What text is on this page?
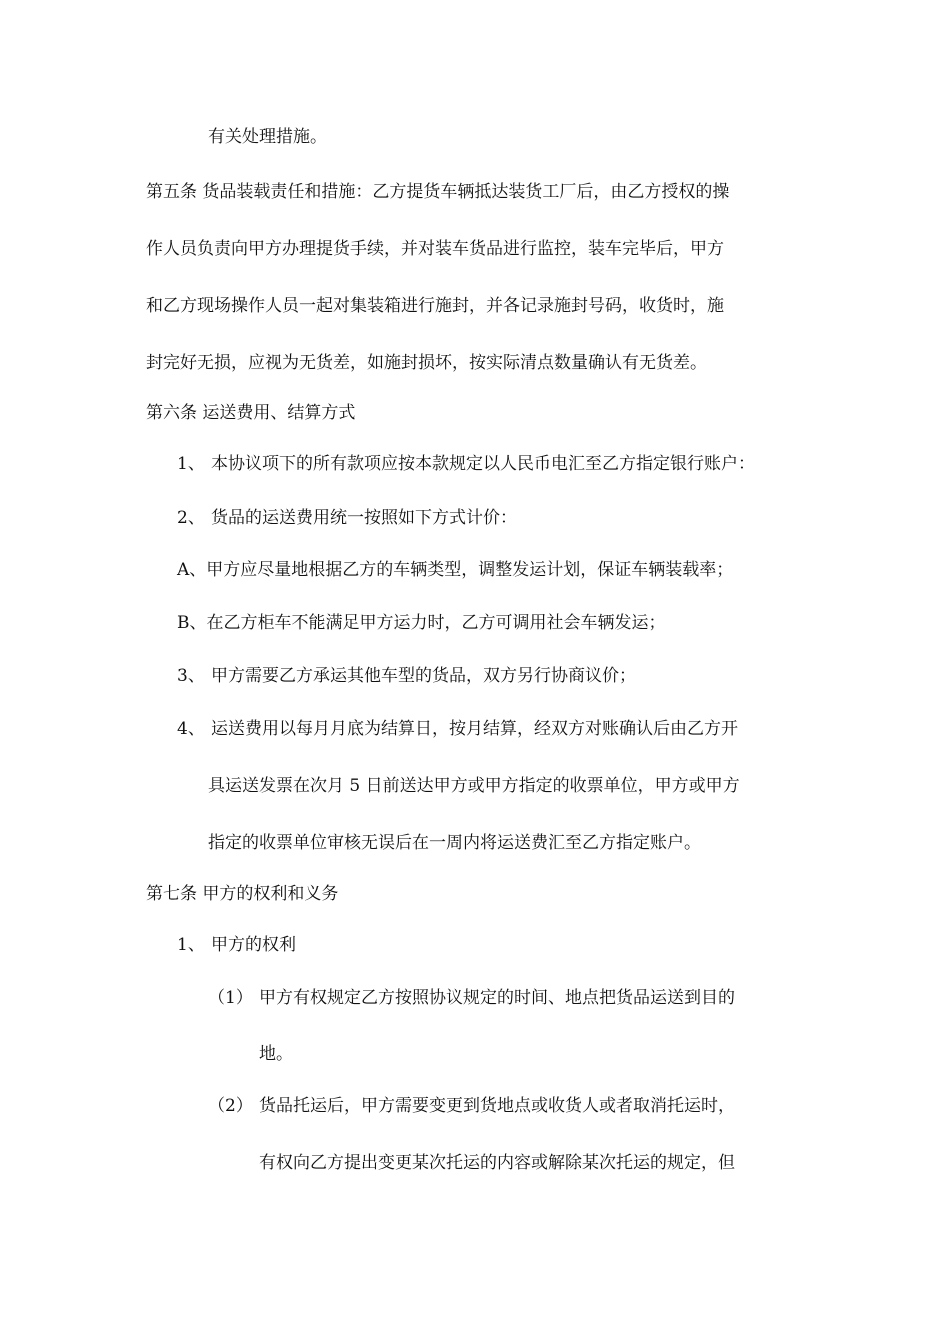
有关处理措施。
第五条 货品装载责任和措施：乙方提货车辆抵达装货工厂后，由乙方授权的操
作人员负责向甲方办理提货手续，并对装车货品进行监控，装车完毕后，甲方
和乙方现场操作人员一起对集装箱进行施封，并各记录施封号码，收货时，施
封完好无损，应视为无货差，如施封损坏，按实际清点数量确认有无货差。
第六条 运送费用、结算方式
1、 本协议项下的所有款项应按本款规定以人民币电汇至乙方指定银行账户：
2、 货品的运送费用统一按照如下方式计价：
A、甲方应尽量地根据乙方的车辆类型，调整发运计划，保证车辆装载率；
B、在乙方柜车不能满足甲方运力时，乙方可调用社会车辆发运；
3、 甲方需要乙方承运其他车型的货品，双方另行协商议价；
4、 运送费用以每月月底为结算日，按月结算，经双方对账确认后由乙方开
具运送发票在次月 5 日前送达甲方或甲方指定的收票单位，甲方或甲方
指定的收票单位审核无误后在一周内将运送费汇至乙方指定账户。
第七条 甲方的权利和义务
1、 甲方的权利
（1） 甲方有权规定乙方按照协议规定的时间、地点把货品运送到目的
地。
（2） 货品托运后，甲方需要变更到货地点或收货人或者取消托运时，
有权向乙方提出变更某次托运的内容或解除某次托运的规定，但
